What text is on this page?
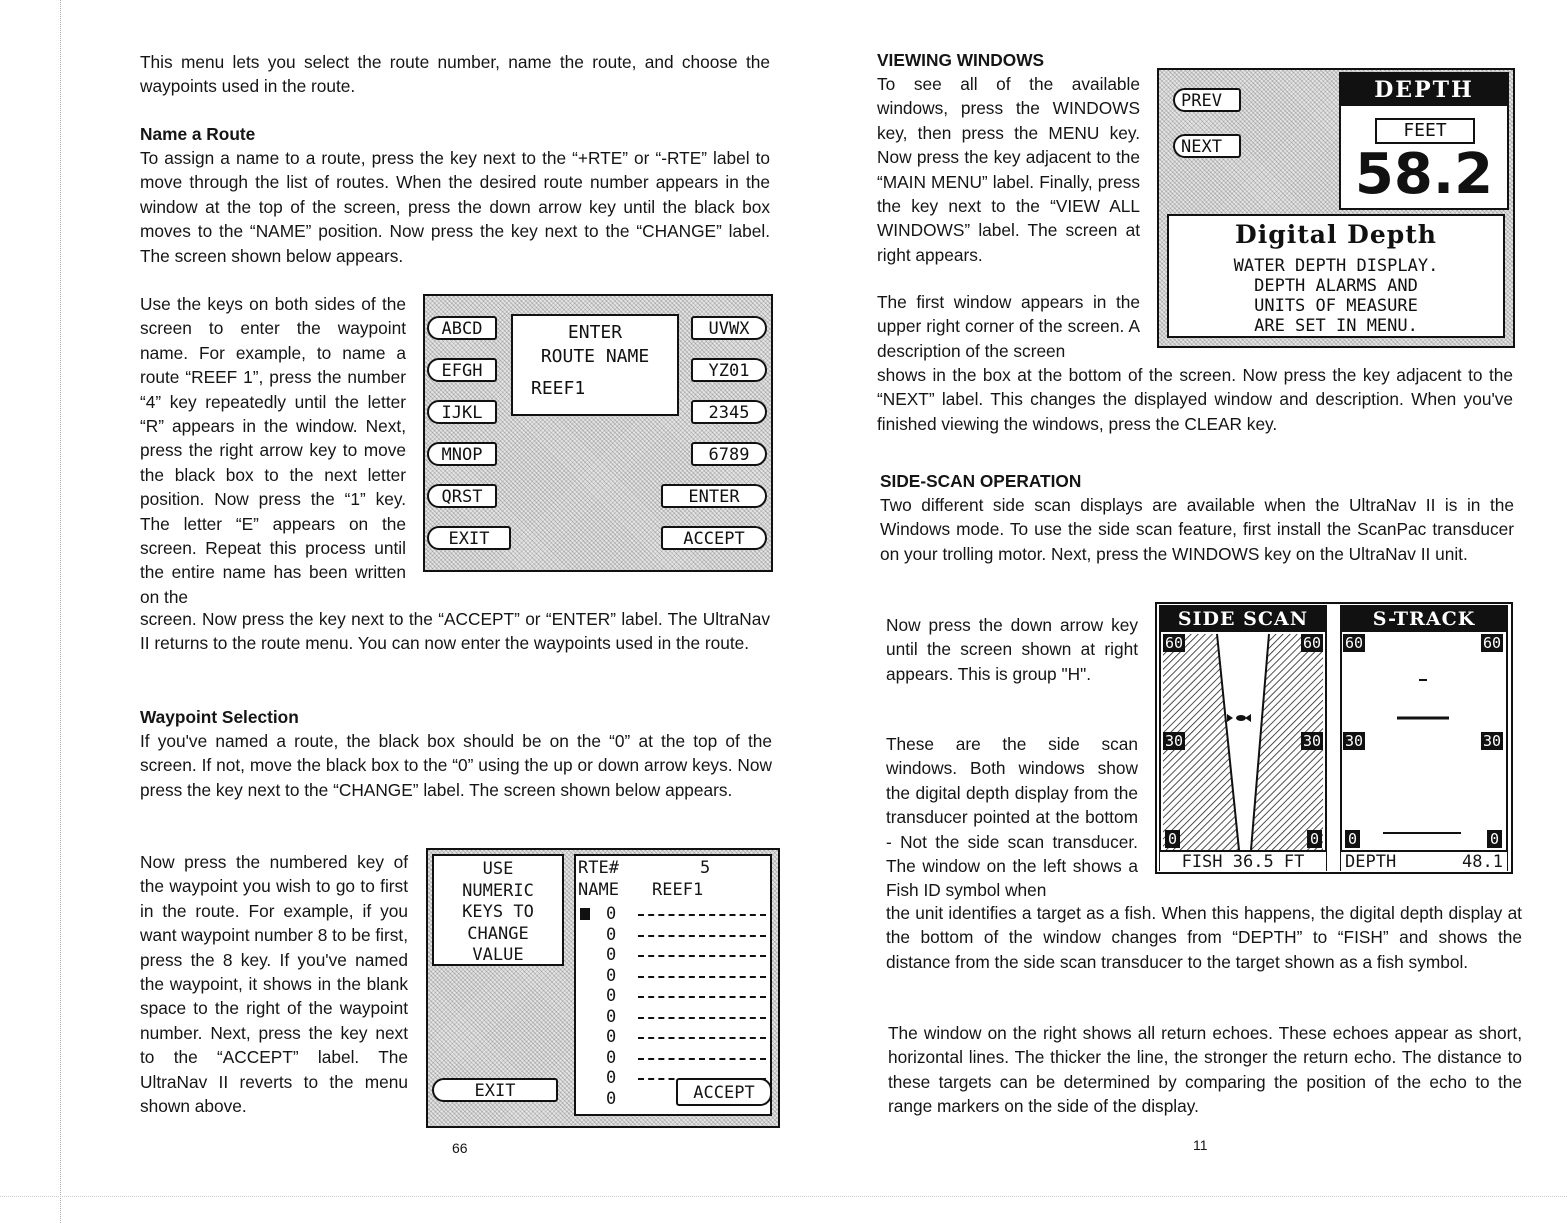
This menu lets you select the route number, name the route, and choose the waypoints used in the route.

Name a Route

To assign a name to a route, press the key next to the “+RTE” or “-RTE” label to move through the list of routes. When the desired route number appears in the window at the top of the screen, press the down arrow key until the black box moves to the “NAME” position. Now press the key next to the “CHANGE” label. The screen shown below appears.

Use the keys on both sides of the screen to enter the waypoint name. For example, to name a route “REEF 1”, press the number “4” key repeatedly until the letter “R” appears in the window. Next, press the right arrow key to move the black box to the next letter position. Now press the “1” key. The letter “E” appears on the screen. Repeat this process until the entire name has been written on the

screen. Now press the key next to the “ACCEPT” or “ENTER” label. The UltraNav II returns to the route menu. You can now enter the waypoints used in the route.

ABCD
EFGH
IJKL
MNOP
QRST
EXIT
UVWX
YZ01
2345
6789
ENTER
ACCEPT
ENTER
ROUTE NAME
REEF1
Waypoint Selection

If you've named a route, the black box should be on the “0” at the top of the screen. If not, move the black box to the “0” using the up or down arrow keys. Now press the key next to the “CHANGE” label. The screen shown below appears.

Now press the numbered key of the waypoint you wish to go to first in the route. For example, if you want waypoint number 8 to be first, press the 8 key. If you've named the waypoint, it shows in the blank space to the right of the waypoint number. Next, press the key next to the “ACCEPT” label. The UltraNav II reverts to the menu shown above.

USE
NUMERIC
KEYS TO
CHANGE
VALUE
EXIT
RTE#	5
NAME REEF1
0
0
0
0
0
0
0
0
0
0	ACCEPT
66
VIEWING WINDOWS

To see all of the available windows, press the WINDOWS key, then press the MENU key. Now press the key adjacent to the “MAIN MENU” label. Finally, press the key next to the “VIEW ALL WINDOWS” label. The screen at right appears.

The first window appears in the upper right corner of the screen. A description of the screen

shows in the box at the bottom of the screen. Now press the key adjacent to the “NEXT” label. This changes the displayed window and description. When you've finished viewing the windows, press the CLEAR key.

PREV
NEXT
DEPTH
FEET
58.2
Digital Depth
WATER DEPTH DISPLAY.
DEPTH ALARMS AND
UNITS OF MEASURE
ARE SET IN MENU.
SIDE-SCAN OPERATION

Two different side scan displays are available when the UltraNav II is in the Windows mode. To use the side scan feature, first install the ScanPac transducer on your trolling motor. Next, press the WINDOWS key on the UltraNav II unit.

Now press the down arrow key until the screen shown at right appears. This is group "H".

These are the side scan windows. Both windows show the digital depth display from the transducer pointed at the bottom - Not the side scan transducer. The window on the left shows a Fish ID symbol when

the unit identifies a target as a fish. When this happens, the digital depth display at the bottom of the window changes from “DEPTH” to “FISH” and shows the distance from the side scan transducer to the target shown as a fish symbol.

The window on the right shows all return echoes. These echoes appear as short, horizontal lines. The thicker the line, the stronger the return echo. The distance to these targets can be determined by comparing the position of the echo to the range markers on the side of the display.

SIDE SCAN	S-TRACK
60	60
30	30
0	0
60	60
30	30
0	0
FISH 36.5 FT	DEPTH	48.1
11
